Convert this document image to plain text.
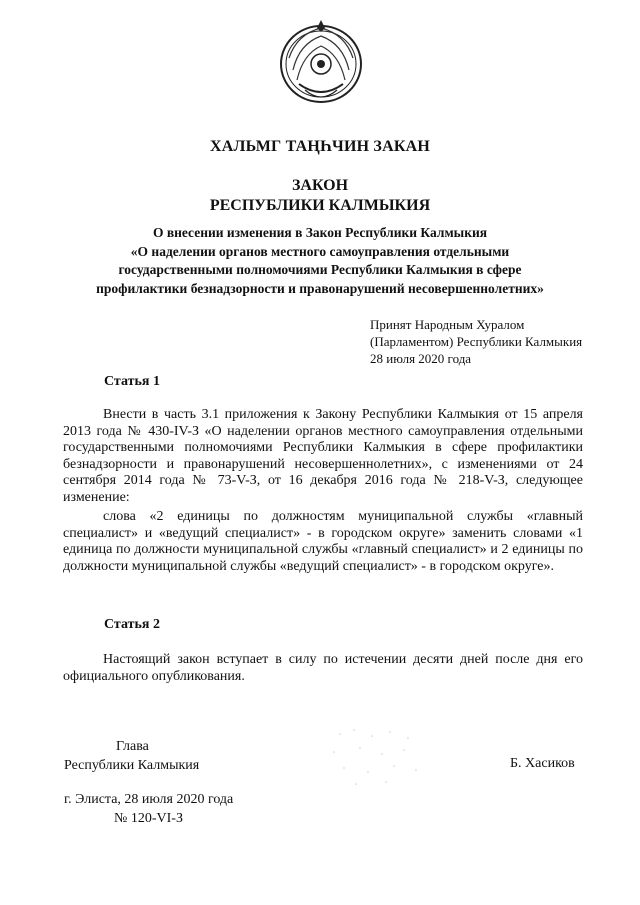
ХАЛЬМГ ТАҢҺЧИН ЗАКАН
ЗАКОН
РЕСПУБЛИКИ КАЛМЫКИЯ
О внесении изменения в Закон Республики Калмыкия
«О наделении органов местного самоуправления отдельными
государственными полномочиями Республики Калмыкия в сфере
профилактики безнадзорности и правонарушений несовершеннолетних»
Принят Народным Хуралом
(Парламентом) Республики Калмыкия
28 июля 2020 года
Статья 1

Внести в часть 3.1 приложения к Закону Республики Калмыкия от 15 апреля 2013 года № 430-IV-З «О наделении органов местного самоуправления отдельными государственными полномочиями Республики Калмыкия в сфере профилактики безнадзорности и правонарушений несовершеннолетних», с изменениями от 24 сентября 2014 года № 73-V-З, от 16 декабря 2016 года № 218-V-З, следующее изменение:

слова «2 единицы по должностям муниципальной службы «главный специалист» и «ведущий специалист» - в городском округе» заменить словами «1 единица по должности муниципальной службы «главный специалист» и 2 единицы по должности муниципальной службы «ведущий специалист» - в городском округе».

Статья 2

Настоящий закон вступает в силу по истечении десяти дней после дня его официального опубликования.

Глава
Республики Калмыкия	Б. Хасиков
г. Элиста, 28 июля 2020 года
№ 120-VI-З
